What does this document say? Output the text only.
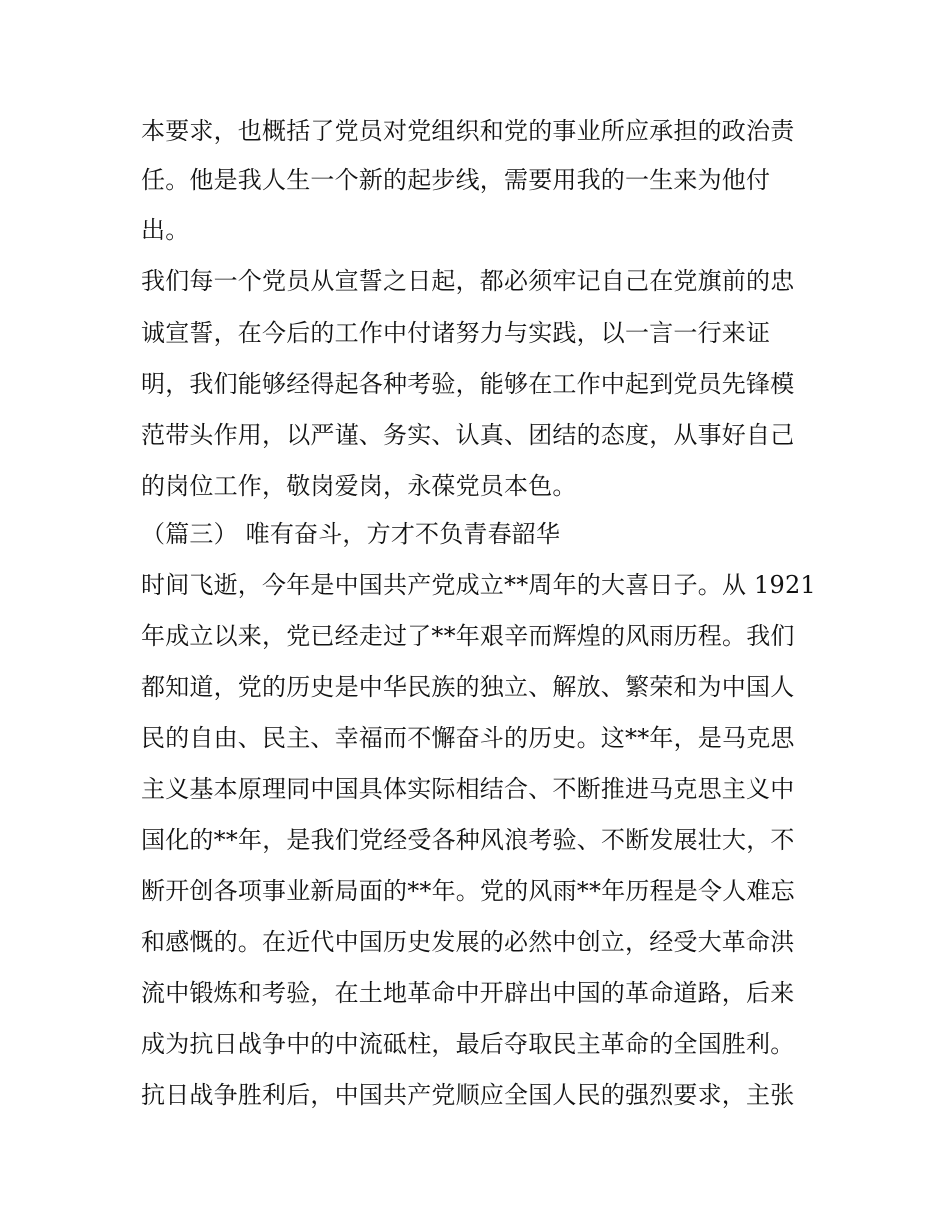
本要求，也概括了党员对党组织和党的事业所应承担的政治责
任。他是我人生一个新的起步线，需要用我的一生来为他付
出。
我们每一个党员从宣誓之日起，都必须牢记自己在党旗前的忠
诚宣誓，在今后的工作中付诸努力与实践，以一言一行来证
明，我们能够经得起各种考验，能够在工作中起到党员先锋模
范带头作用，以严谨、务实、认真、团结的态度，从事好自己
的岗位工作，敬岗爱岗，永葆党员本色。
（篇三） 唯有奋斗，方才不负青春韶华
时间飞逝，今年是中国共产党成立**周年的大喜日子。从 1921
年成立以来，党已经走过了**年艰辛而辉煌的风雨历程。我们
都知道，党的历史是中华民族的独立、解放、繁荣和为中国人
民的自由、民主、幸福而不懈奋斗的历史。这**年，是马克思
主义基本原理同中国具体实际相结合、不断推进马克思主义中
国化的**年，是我们党经受各种风浪考验、不断发展壮大，不
断开创各项事业新局面的**年。党的风雨**年历程是令人难忘
和感慨的。在近代中国历史发展的必然中创立，经受大革命洪
流中锻炼和考验，在土地革命中开辟出中国的革命道路，后来
成为抗日战争中的中流砥柱，最后夺取民主革命的全国胜利。
抗日战争胜利后，中国共产党顺应全国人民的强烈要求，主张
